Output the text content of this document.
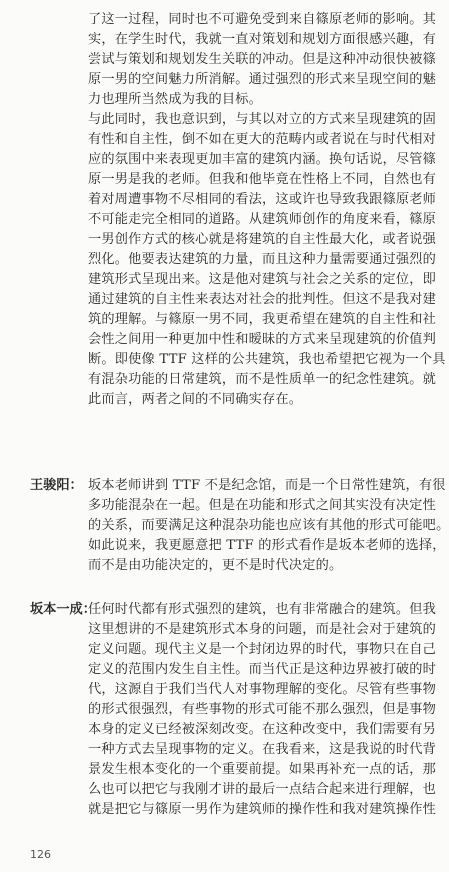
了这一过程，同时也不可避免受到来自篠原老师的影响。其
实，在学生时代，我就一直对策划和规划方面很感兴趣，有
尝试与策划和规划发生关联的冲动。但是这种冲动很快被篠
原一男的空间魅力所消解。通过强烈的形式来呈现空间的魅
力也理所当然成为我的目标。
与此同时，我也意识到，与其以对立的方式来呈现建筑的固
有性和自主性，倒不如在更大的范畴内或者说在与时代相对
应的氛围中来表现更加丰富的建筑内涵。换句话说，尽管篠
原一男是我的老师。但我和他毕竟在性格上不同，自然也有
着对周遭事物不尽相同的看法，这或许也导致我跟篠原老师
不可能走完全相同的道路。从建筑师创作的角度来看，篠原
一男创作方式的核心就是将建筑的自主性最大化，或者说强
烈化。他要表达建筑的力量，而且这种力量需要通过强烈的
建筑形式呈现出来。这是他对建筑与社会之关系的定位，即
通过建筑的自主性来表达对社会的批判性。但这不是我对建
筑的理解。与篠原一男不同，我更希望在建筑的自主性和社
会性之间用一种更加中性和暧昧的方式来呈现建筑的价值判
断。即使像 TTF 这样的公共建筑，我也希望把它视为一个具
有混杂功能的日常建筑，而不是性质单一的纪念性建筑。就
此而言，两者之间的不同确实存在。
王骏阳： 坂本老师讲到 TTF 不是纪念馆，而是一个日常性建筑，有很
多功能混杂在一起。但是在功能和形式之间其实没有决定性
的关系，而要满足这种混杂功能也应该有其他的形式可能吧。
如此说来，我更愿意把 TTF 的形式看作是坂本老师的选择，
而不是由功能决定的，更不是时代决定的。
坂本一成：
任何时代都有形式强烈的建筑，也有非常融合的建筑。但我
这里想讲的不是建筑形式本身的问题，而是社会对于建筑的
定义问题。现代主义是一个封闭边界的时代，事物只在自己
定义的范围内发生自主性。而当代正是这种边界被打破的时
代，这源自于我们当代人对事物理解的变化。尽管有些事物
的形式很强烈，有些事物的形式可能不那么强烈，但是事物
本身的定义已经被深刻改变。在这种改变中，我们需要有另
一种方式去呈现事物的定义。在我看来，这是我说的时代背
景发生根本变化的一个重要前提。如果再补充一点的话，那
么也可以把它与我刚才讲的最后一点结合起来进行理解，也
就是把它与篠原一男作为建筑师的操作性和我对建筑操作性
126
